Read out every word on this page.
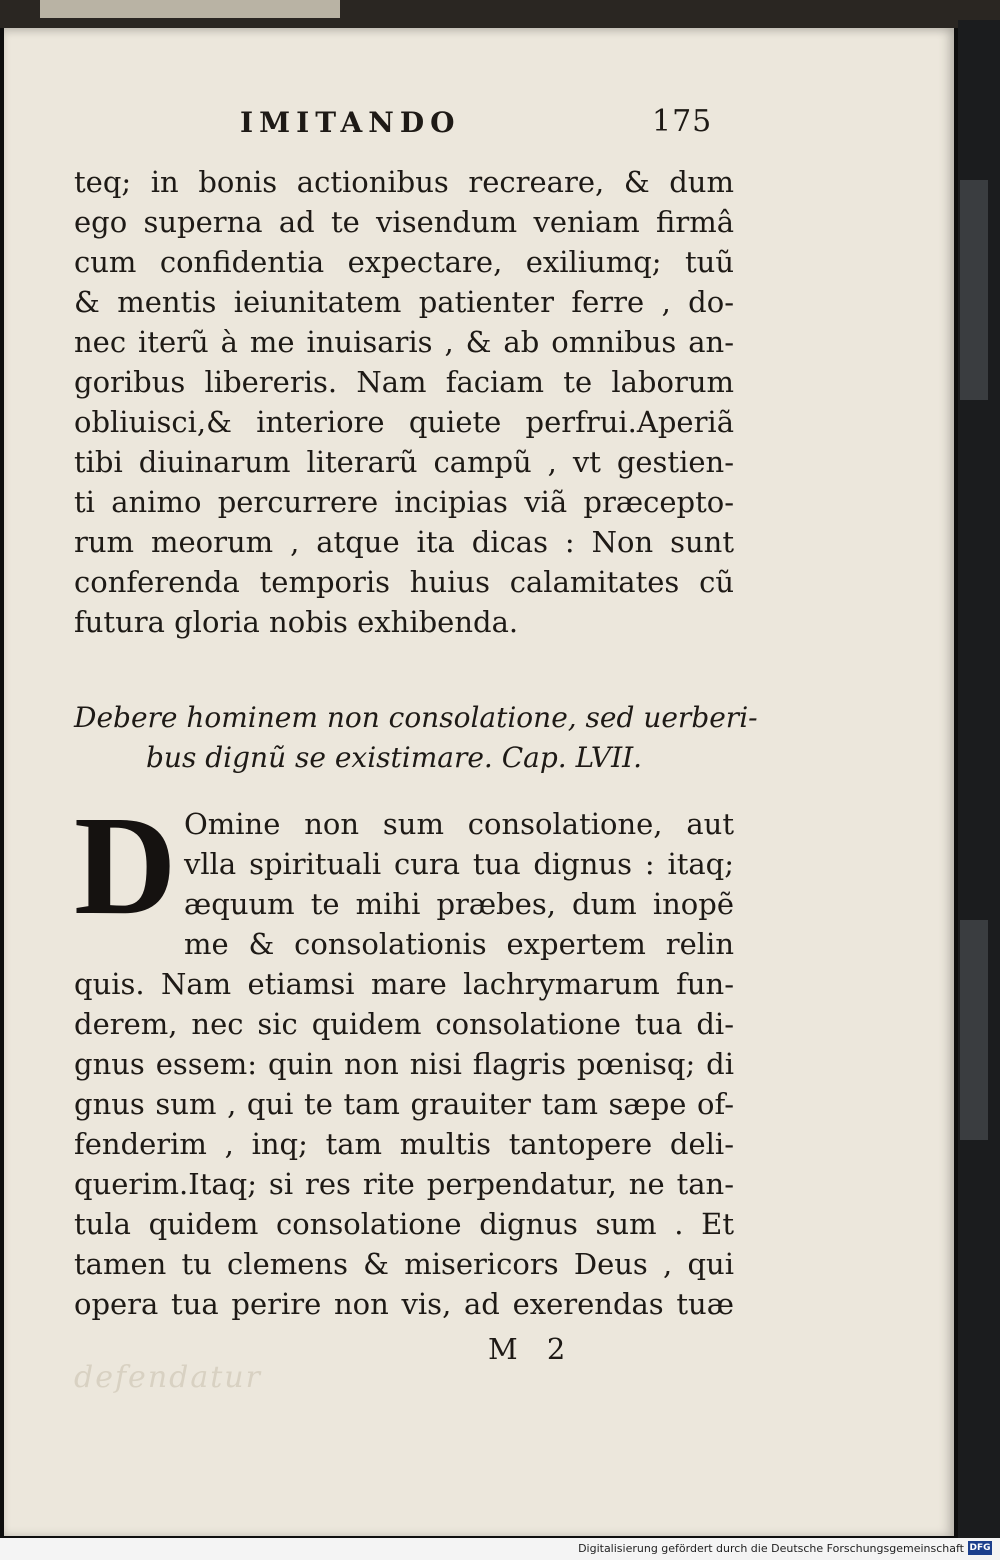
defendatur
IMITANDO	175
teq; in bonis actionibus recreare, & dum
ego superna ad te visendum veniam firmâ
cum confidentia expectare, exiliumq; tuũ
& mentis ieiunitatem patienter ferre , do-
nec iterũ à me inuisaris , & ab omnibus an-
goribus libereris. Nam faciam te laborum
obliuisci,& interiore quiete perfrui.Aperiã
tibi diuinarum literarũ campũ , vt gestien-
ti animo percurrere incipias viã præcepto-
rum meorum , atque ita dicas : Non sunt
conferenda temporis huius calamitates cũ
futura gloria nobis exhibenda.
Debere hominem non consolatione, sed uerberi-
bus dignũ se existimare. Cap. LVII.
D Omine non sum consolatione, aut
vlla spirituali cura tua dignus : itaq;
æquum te mihi præbes, dum inopẽ
me & consolationis expertem relin
quis. Nam etiamsi mare lachrymarum fun-
derem, nec sic quidem consolatione tua di-
gnus essem: quin non nisi flagris pœnisq; di
gnus sum , qui te tam grauiter tam sæpe of-
fenderim , inq; tam multis tantopere deli-
querim.Itaq; si res rite perpendatur, ne tan-
tula quidem consolatione dignus sum . Et
tamen tu clemens & misericors Deus , qui
opera tua perire non vis, ad exerendas tuæ
M 2
Digitalisierung gefördert durch die Deutsche Forschungsgemeinschaft DFG
